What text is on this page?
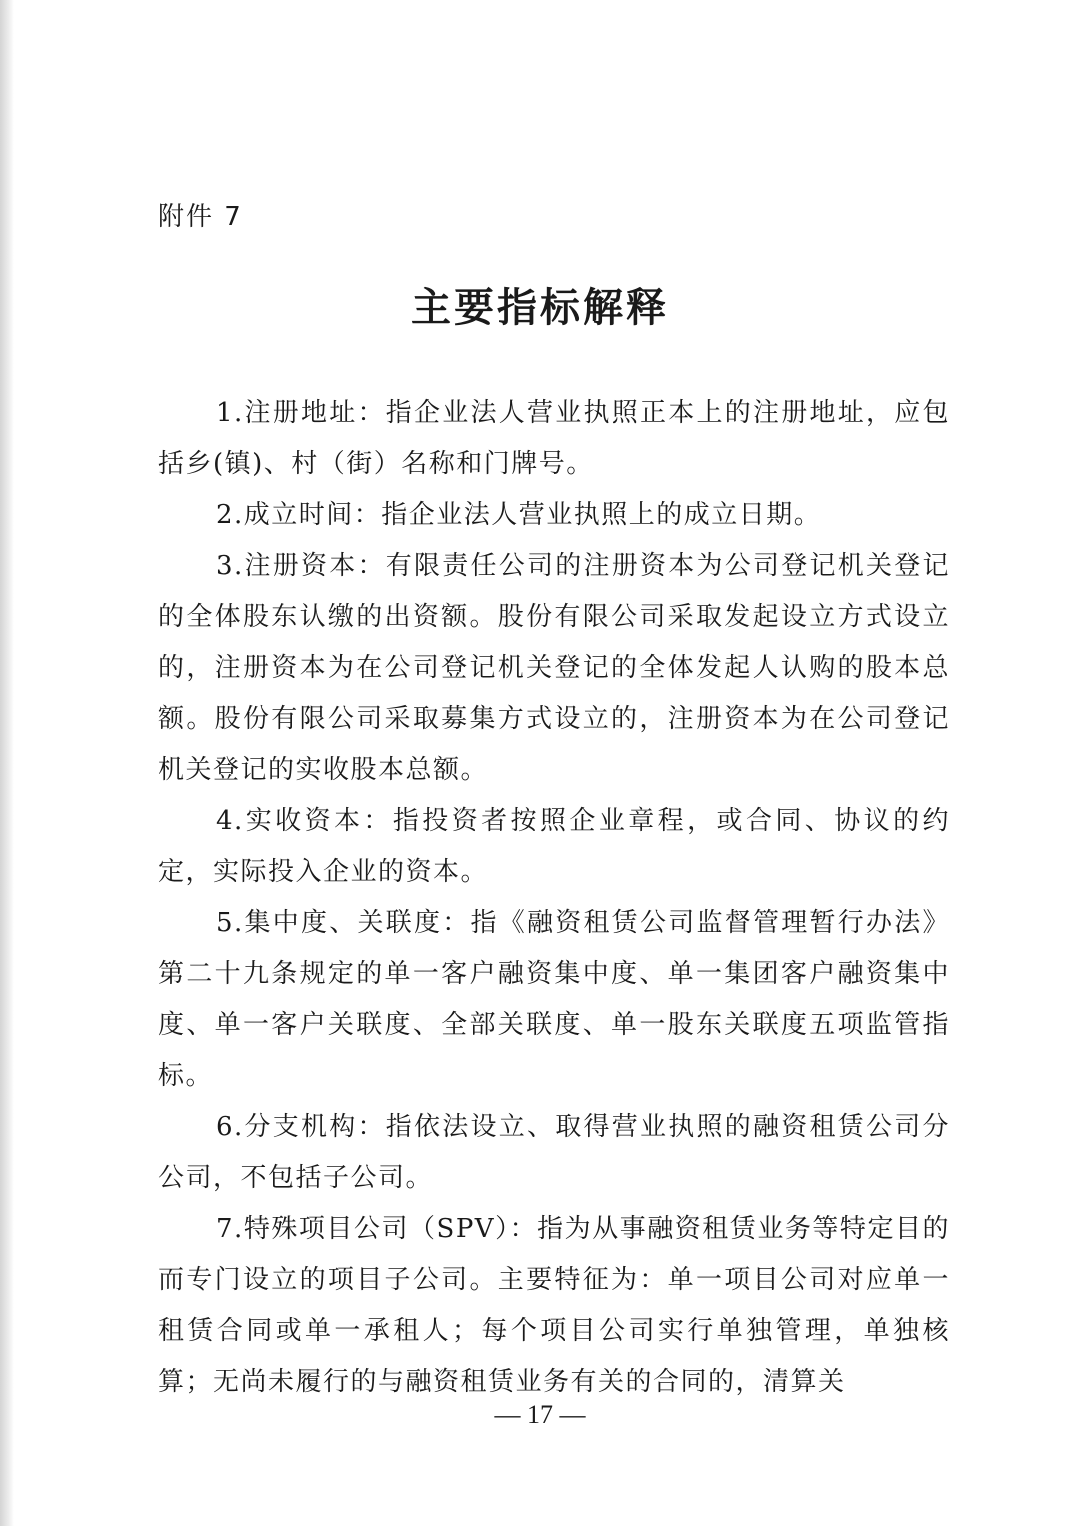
附件 7
主要指标解释

1.注册地址：指企业法人营业执照正本上的注册地址，应包括乡(镇)、村（街）名称和门牌号。

2.成立时间：指企业法人营业执照上的成立日期。

3.注册资本：有限责任公司的注册资本为公司登记机关登记的全体股东认缴的出资额。股份有限公司采取发起设立方式设立的，注册资本为在公司登记机关登记的全体发起人认购的股本总额。股份有限公司采取募集方式设立的，注册资本为在公司登记机关登记的实收股本总额。

4.实收资本：指投资者按照企业章程，或合同、协议的约定，实际投入企业的资本。

5.集中度、关联度：指《融资租赁公司监督管理暂行办法》第二十九条规定的单一客户融资集中度、单一集团客户融资集中度、单一客户关联度、全部关联度、单一股东关联度五项监管指标。

6.分支机构：指依法设立、取得营业执照的融资租赁公司分公司，不包括子公司。

7.特殊项目公司（SPV）：指为从事融资租赁业务等特定目的而专门设立的项目子公司。主要特征为：单一项目公司对应单一租赁合同或单一承租人；每个项目公司实行单独管理，单独核算；无尚未履行的与融资租赁业务有关的合同的，清算关

— 17 —
